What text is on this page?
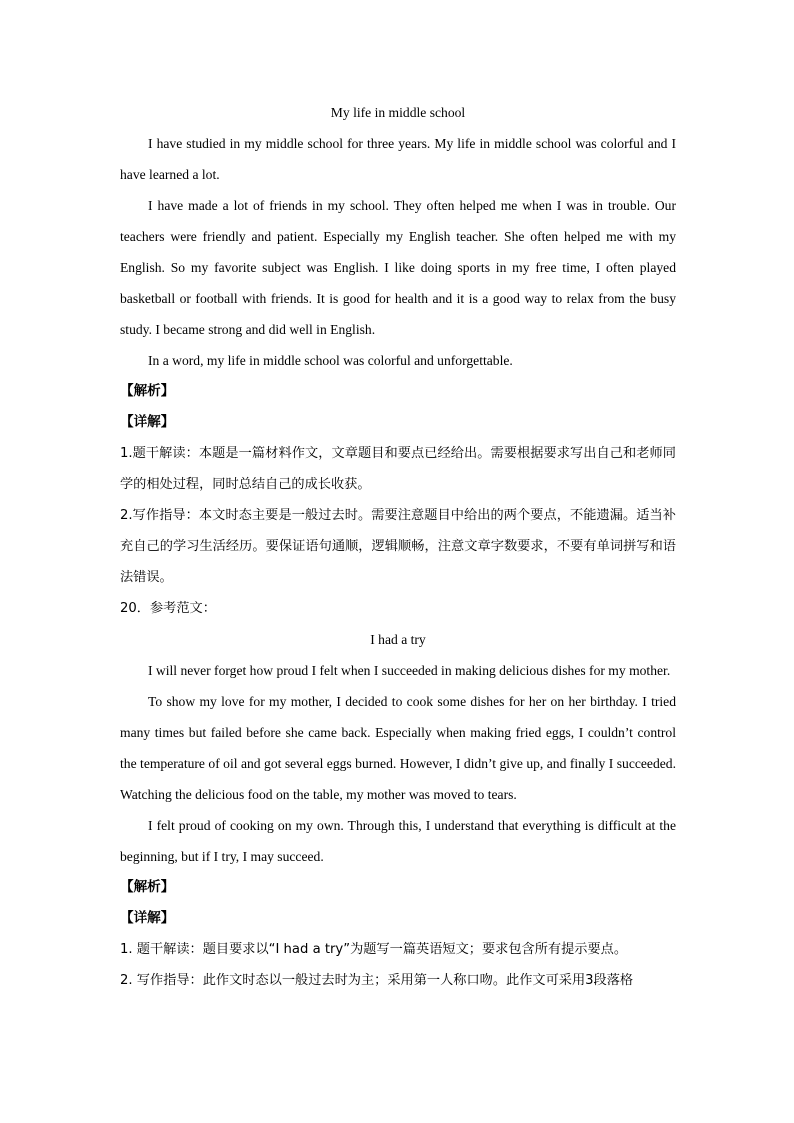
My life in middle school

I have studied in my middle school for three years. My life in middle school was colorful and I have learned a lot.

I have made a lot of friends in my school. They often helped me when I was in trouble. Our teachers were friendly and patient. Especially my English teacher. She often helped me with my English. So my favorite subject was English. I like doing sports in my free time, I often played basketball or football with friends. It is good for health and it is a good way to relax from the busy study. I became strong and did well in English.

In a word, my life in middle school was colorful and unforgettable.

【解析】

【详解】

1.题干解读：本题是一篇材料作文，文章题目和要点已经给出。需要根据要求写出自己和老师同学的相处过程，同时总结自己的成长收获。

2.写作指导：本文时态主要是一般过去时。需要注意题目中给出的两个要点，不能遗漏。适当补充自己的学习生活经历。要保证语句通顺，逻辑顺畅，注意文章字数要求，不要有单词拼写和语法错误。

20．参考范文：

I had a try

I will never forget how proud I felt when I succeeded in making delicious dishes for my mother.

To show my love for my mother, I decided to cook some dishes for her on her birthday. I tried many times but failed before she came back. Especially when making fried eggs, I couldn’t control the temperature of oil and got several eggs burned. However, I didn’t give up, and finally I succeeded. Watching the delicious food on the table, my mother was moved to tears.

I felt proud of cooking on my own. Through this, I understand that everything is difficult at the beginning, but if I try, I may succeed.

【解析】

【详解】

1. 题干解读：题目要求以“I had a try”为题写一篇英语短文；要求包含所有提示要点。

2. 写作指导：此作文时态以一般过去时为主；采用第一人称口吻。此作文可采用3段落格
